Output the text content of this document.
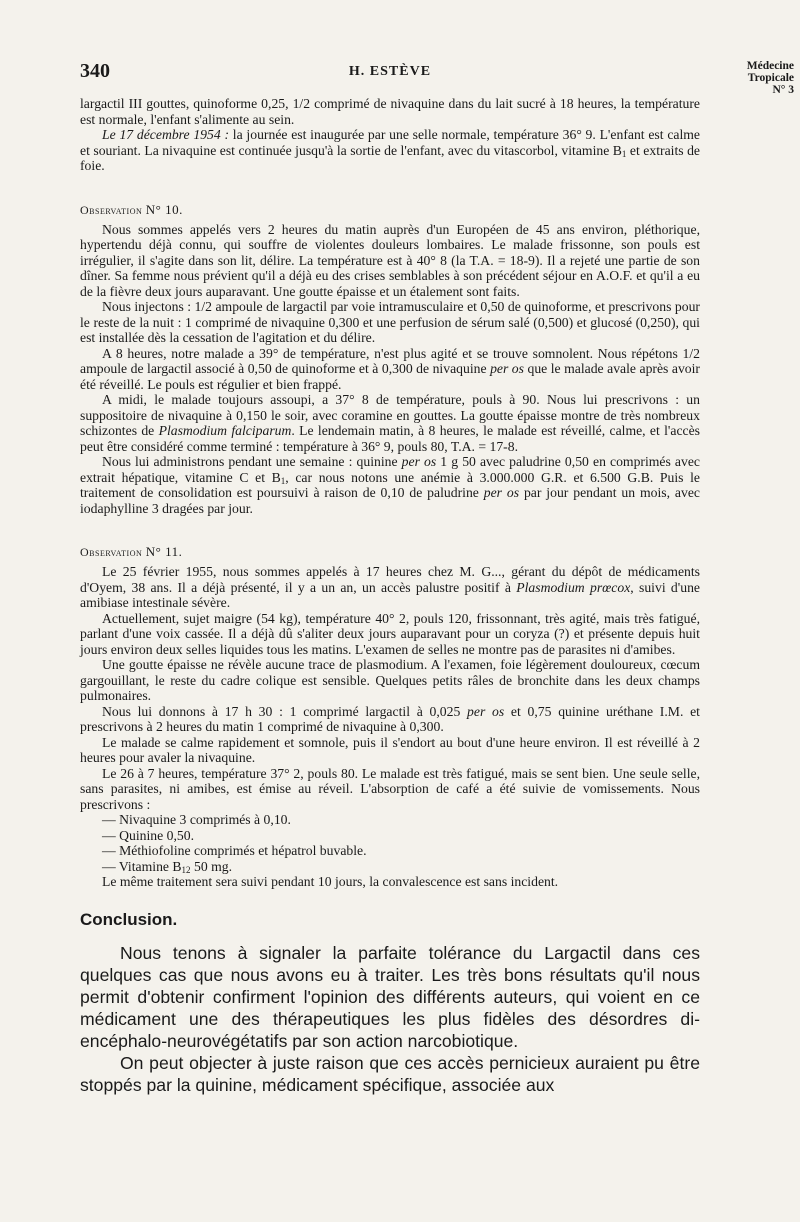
340	H. ESTÈVE	Médecine
Tropicale
N° 3

largactil III gouttes, quinoforme 0,25, 1/2 comprimé de nivaquine dans du lait sucré à 18 heures, la température est normale, l'enfant s'alimente au sein.

Le 17 décembre 1954 : la journée est inaugurée par une selle normale, température 36° 9. L'enfant est calme et souriant. La nivaquine est continuée jusqu'à la sortie de l'enfant, avec du vitascorbol, vitamine $B_1$ et extraits de foie.

Observation N° 10.

Nous sommes appelés vers 2 heures du matin auprès d'un Européen de 45 ans environ, pléthorique, hypertendu déjà connu, qui souffre de violentes douleurs lombaires. Le malade frissonne, son pouls est irrégulier, il s'agite dans son lit, délire. La température est à 40° 8 (la T.A. = 18-9). Il a rejeté une partie de son dîner. Sa femme nous prévient qu'il a déjà eu des crises semblables à son précédent séjour en A.O.F. et qu'il a eu de la fièvre deux jours auparavant. Une goutte épaisse et un étalement sont faits.

Nous injectons : 1/2 ampoule de largactil par voie intramusculaire et 0,50 de quinoforme, et prescrivons pour le reste de la nuit : 1 comprimé de nivaquine 0,300 et une perfusion de sérum salé (0,500) et glucosé (0,250), qui est installée dès la cessation de l'agitation et du délire.

A 8 heures, notre malade a 39° de température, n'est plus agité et se trouve somnolent. Nous répétons 1/2 ampoule de largactil associé à 0,50 de quinoforme et à 0,300 de nivaquine per os que le malade avale après avoir été réveillé. Le pouls est régulier et bien frappé.

A midi, le malade toujours assoupi, a 37° 8 de température, pouls à 90. Nous lui prescrivons : un suppositoire de nivaquine à 0,150 le soir, avec coramine en gouttes. La goutte épaisse montre de très nombreux schizontes de Plasmodium falciparum. Le lendemain matin, à 8 heures, le malade est réveillé, calme, et l'accès peut être considéré comme terminé : température à 36° 9, pouls 80, T.A. = 17-8.

Nous lui administrons pendant une semaine : quinine per os 1 g 50 avec paludrine 0,50 en comprimés avec extrait hépatique, vitamine C et $B_1$, car nous notons une anémie à 3.000.000 G.R. et 6.500 G.B. Puis le traitement de consolidation est poursuivi à raison de 0,10 de paludrine per os par jour pendant un mois, avec iodaphylline 3 dragées par jour.

Observation N° 11.

Le 25 février 1955, nous sommes appelés à 17 heures chez M. G..., gérant du dépôt de médicaments d'Oyem, 38 ans. Il a déjà présenté, il y a un an, un accès palustre positif à Plasmodium prœcox, suivi d'une amibiase intestinale sévère.

Actuellement, sujet maigre (54 kg), température 40° 2, pouls 120, frissonnant, très agité, mais très fatigué, parlant d'une voix cassée. Il a déjà dû s'aliter deux jours auparavant pour un coryza (?) et présente depuis huit jours environ deux selles liquides tous les matins. L'examen de selles ne montre pas de parasites ni d'amibes.

Une goutte épaisse ne révèle aucune trace de plasmodium. A l'examen, foie légèrement douloureux, cœcum gargouillant, le reste du cadre colique est sensible. Quelques petits râles de bronchite dans les deux champs pulmonaires.

Nous lui donnons à 17 h 30 : 1 comprimé largactil à 0,025 per os et 0,75 quinine uréthane I.M. et prescrivons à 2 heures du matin 1 comprimé de nivaquine à 0,300.

Le malade se calme rapidement et somnole, puis il s'endort au bout d'une heure environ. Il est réveillé à 2 heures pour avaler la nivaquine.

Le 26 à 7 heures, température 37° 2, pouls 80. Le malade est très fatigué, mais se sent bien. Une seule selle, sans parasites, ni amibes, est émise au réveil. L'absorption de café a été suivie de vomissements. Nous prescrivons :

— Nivaquine 3 comprimés à 0,10.
— Quinine 0,50.
— Méthiofoline comprimés et hépatrol buvable.
— Vitamine $B_{12}$ 50 mg.

Le même traitement sera suivi pendant 10 jours, la convalescence est sans incident.

Conclusion.

Nous tenons à signaler la parfaite tolérance du Largactil dans ces quelques cas que nous avons eu à traiter. Les très bons résultats qu'il nous permit d'obtenir confirment l'opinion des différents auteurs, qui voient en ce médicament une des thérapeutiques les plus fidèles des désordres di-encéphalo-neurovégétatifs par son action narcobiotique.

On peut objecter à juste raison que ces accès pernicieux auraient pu être stoppés par la quinine, médicament spécifique, associée aux
